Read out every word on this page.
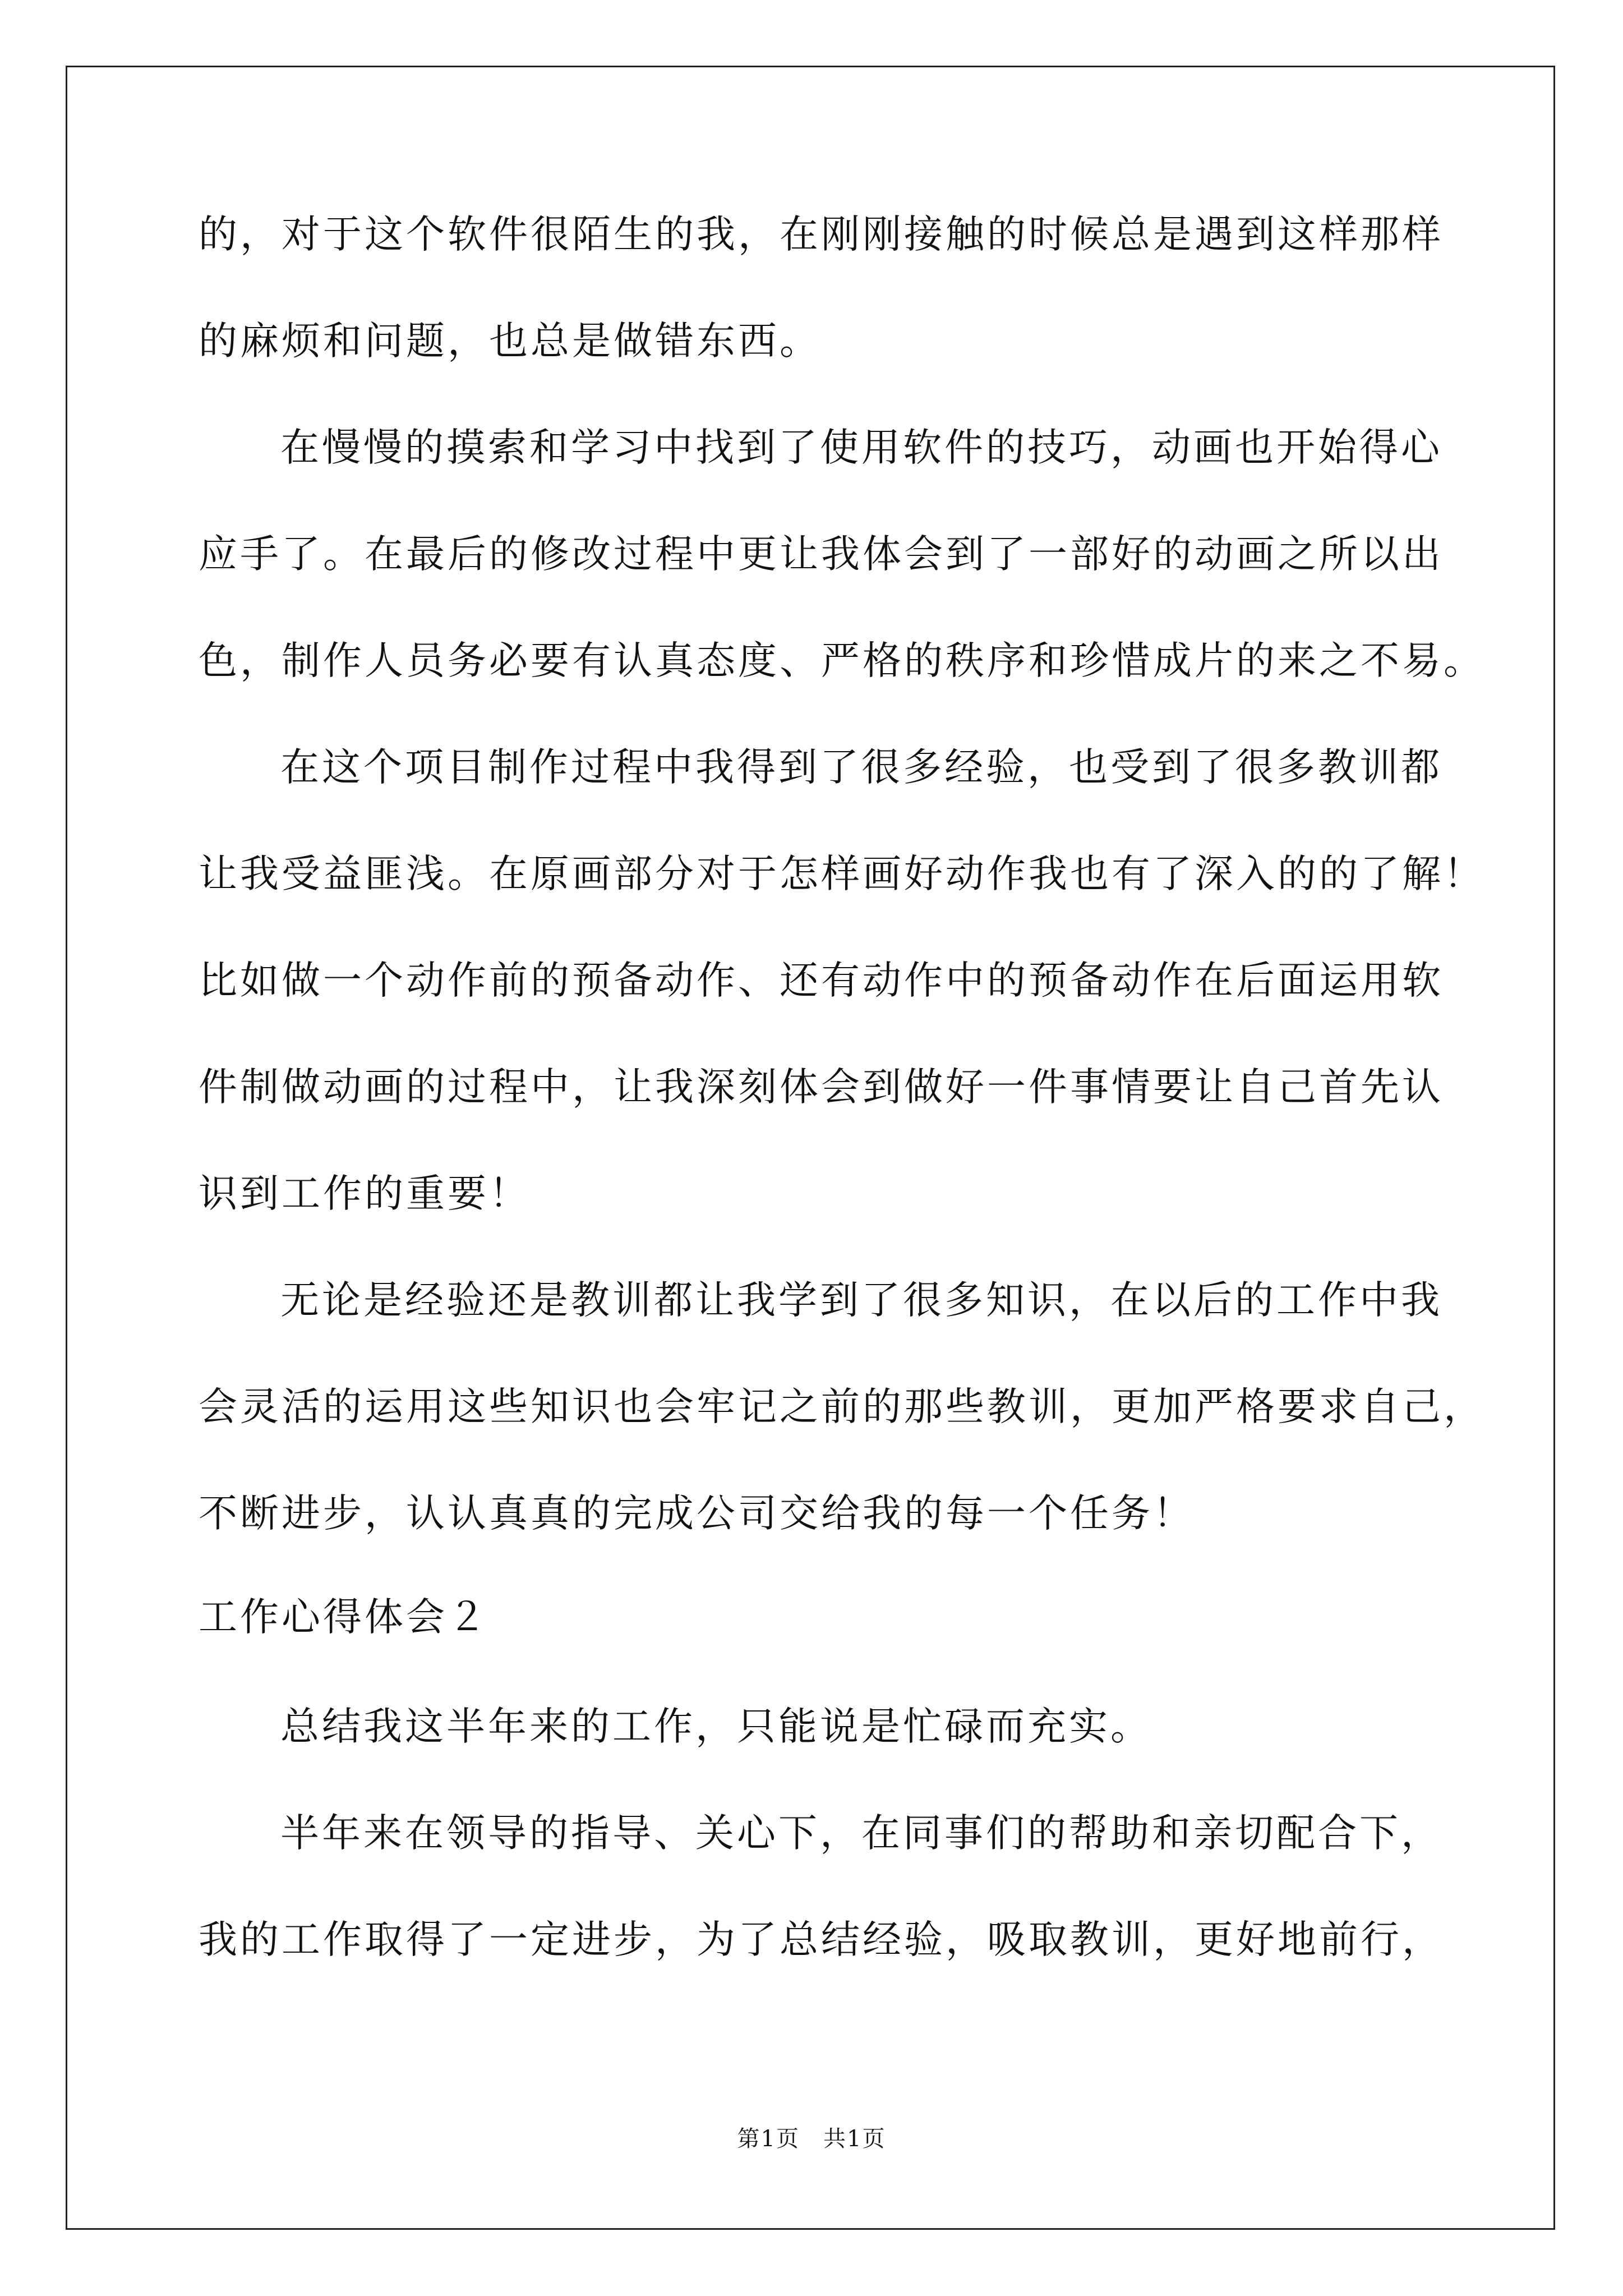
的，对于这个软件很陌生的我，在刚刚接触的时候总是遇到这样那样
的麻烦和问题，也总是做错东西。
在慢慢的摸索和学习中找到了使用软件的技巧，动画也开始得心
应手了。在最后的修改过程中更让我体会到了一部好的动画之所以出
色，制作人员务必要有认真态度、严格的秩序和珍惜成片的来之不易。
在这个项目制作过程中我得到了很多经验，也受到了很多教训都
让我受益匪浅。在原画部分对于怎样画好动作我也有了深入的的了解！
比如做一个动作前的预备动作、还有动作中的预备动作在后面运用软
件制做动画的过程中，让我深刻体会到做好一件事情要让自己首先认
识到工作的重要！
无论是经验还是教训都让我学到了很多知识，在以后的工作中我
会灵活的运用这些知识也会牢记之前的那些教训，更加严格要求自己，
不断进步，认认真真的完成公司交给我的每一个任务！
工作心得体会２
总结我这半年来的工作，只能说是忙碌而充实。
半年来在领导的指导、关心下，在同事们的帮助和亲切配合下，
我的工作取得了一定进步，为了总结经验，吸取教训，更好地前行，
第1页　共1页
